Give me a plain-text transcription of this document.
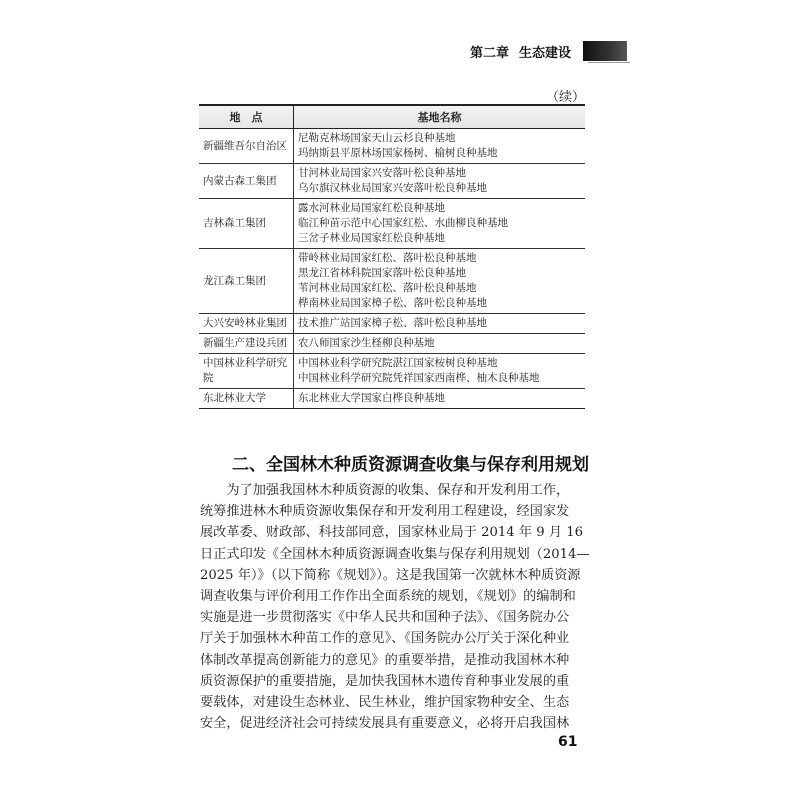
第二章 生态建设
（续）
地　点	基地名称
新疆维吾尔自治区	尼勒克林场国家天山云杉良种基地
玛纳斯县平原林场国家杨树、榆树良种基地

内蒙古森工集团	甘河林业局国家兴安落叶松良种基地
乌尔旗汉林业局国家兴安落叶松良种基地

吉林森工集团	露水河林业局国家红松良种基地
临江种苗示范中心国家红松、水曲柳良种基地
三岔子林业局国家红松良种基地

龙江森工集团	带岭林业局国家红松、落叶松良种基地
黑龙江省林科院国家落叶松良种基地
苇河林业局国家红松、落叶松良种基地
桦南林业局国家樟子松、落叶松良种基地

大兴安岭林业集团	技术推广站国家樟子松、落叶松良种基地

新疆生产建设兵团	农八师国家沙生柽柳良种基地

中国林业科学研究院	中国林业科学研究院湛江国家桉树良种基地
中国林业科学研究院凭祥国家西南桦、柚木良种基地

东北林业大学	东北林业大学国家白桦良种基地
二、全国林木种质资源调查收集与保存利用规划
　　为了加强我国林木种质资源的收集、保存和开发利用工作，
统筹推进林木种质资源收集保存和开发利用工程建设，经国家发
展改革委、财政部、科技部同意，国家林业局于 2014 年 9 月 16
日正式印发《全国林木种质资源调查收集与保存利用规划（2014—
2025 年）》（以下简称《规划》）。这是我国第一次就林木种质资源
调查收集与评价利用工作作出全面系统的规划，《规划》的编制和
实施是进一步贯彻落实《中华人民共和国种子法》、《国务院办公
厅关于加强林木种苗工作的意见》、《国务院办公厅关于深化种业
体制改革提高创新能力的意见》的重要举措，是推动我国林木种
质资源保护的重要措施，是加快我国林木遗传育种事业发展的重
要载体，对建设生态林业、民生林业，维护国家物种安全、生态
安全，促进经济社会可持续发展具有重要意义，必将开启我国林
61
